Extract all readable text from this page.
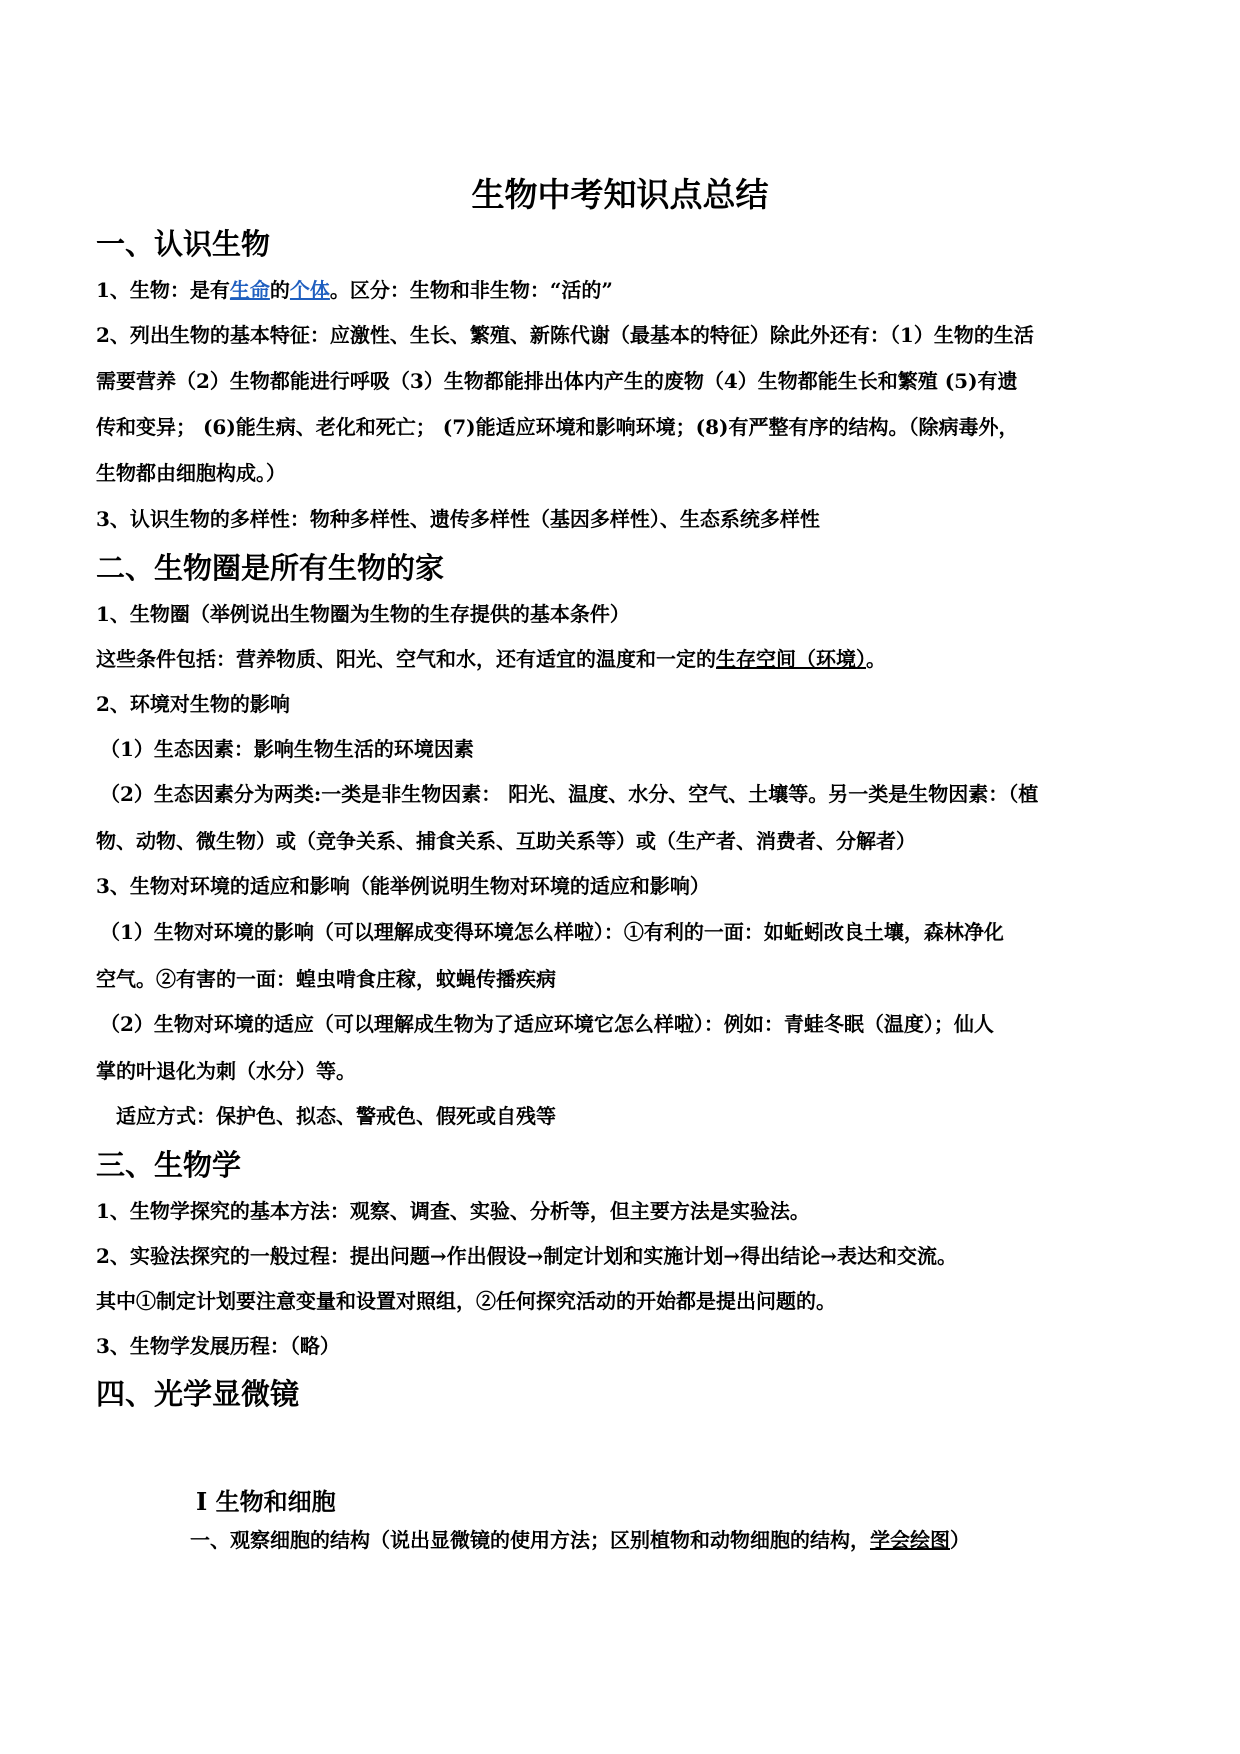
生物中考知识点总结
一、认识生物
1、生物：是有生命的个体。区分：生物和非生物：“活的”
2、列出生物的基本特征：应激性、生长、繁殖、新陈代谢（最基本的特征）除此外还有：（1）生物的生活
需要营养（2）生物都能进行呼吸（3）生物都能排出体内产生的废物（4）生物都能生长和繁殖 (5)有遗
传和变异； (6)能生病、老化和死亡； (7)能适应环境和影响环境；(8)有严整有序的结构。（除病毒外，
生物都由细胞构成。）
3、认识生物的多样性：物种多样性、遗传多样性（基因多样性）、生态系统多样性
二、生物圈是所有生物的家
1、生物圈（举例说出生物圈为生物的生存提供的基本条件）
这些条件包括：营养物质、阳光、空气和水，还有适宜的温度和一定的生存空间（环境）。
2、环境对生物的影响
（1）生态因素：影响生物生活的环境因素
（2）生态因素分为两类:一类是非生物因素： 阳光、温度、水分、空气、土壤等。另一类是生物因素：（植
物、动物、微生物）或（竞争关系、捕食关系、互助关系等）或（生产者、消费者、分解者）
3、生物对环境的适应和影响（能举例说明生物对环境的适应和影响）
（1）生物对环境的影响（可以理解成变得环境怎么样啦）：①有利的一面：如蚯蚓改良土壤，森林净化
空气。②有害的一面：蝗虫啃食庄稼，蚊蝇传播疾病
（2）生物对环境的适应（可以理解成生物为了适应环境它怎么样啦）：例如：青蛙冬眠（温度）；仙人
掌的叶退化为刺（水分）等。
适应方式：保护色、拟态、警戒色、假死或自残等
三、生物学
1、生物学探究的基本方法：观察、调查、实验、分析等，但主要方法是实验法。
2、实验法探究的一般过程：提出问题→作出假设→制定计划和实施计划→得出结论→表达和交流。
其中①制定计划要注意变量和设置对照组，②任何探究活动的开始都是提出问题的。
3、生物学发展历程：（略）
四、光学显微镜
Ⅰ 生物和细胞
一、观察细胞的结构（说出显微镜的使用方法；区别植物和动物细胞的结构，学会绘图）
